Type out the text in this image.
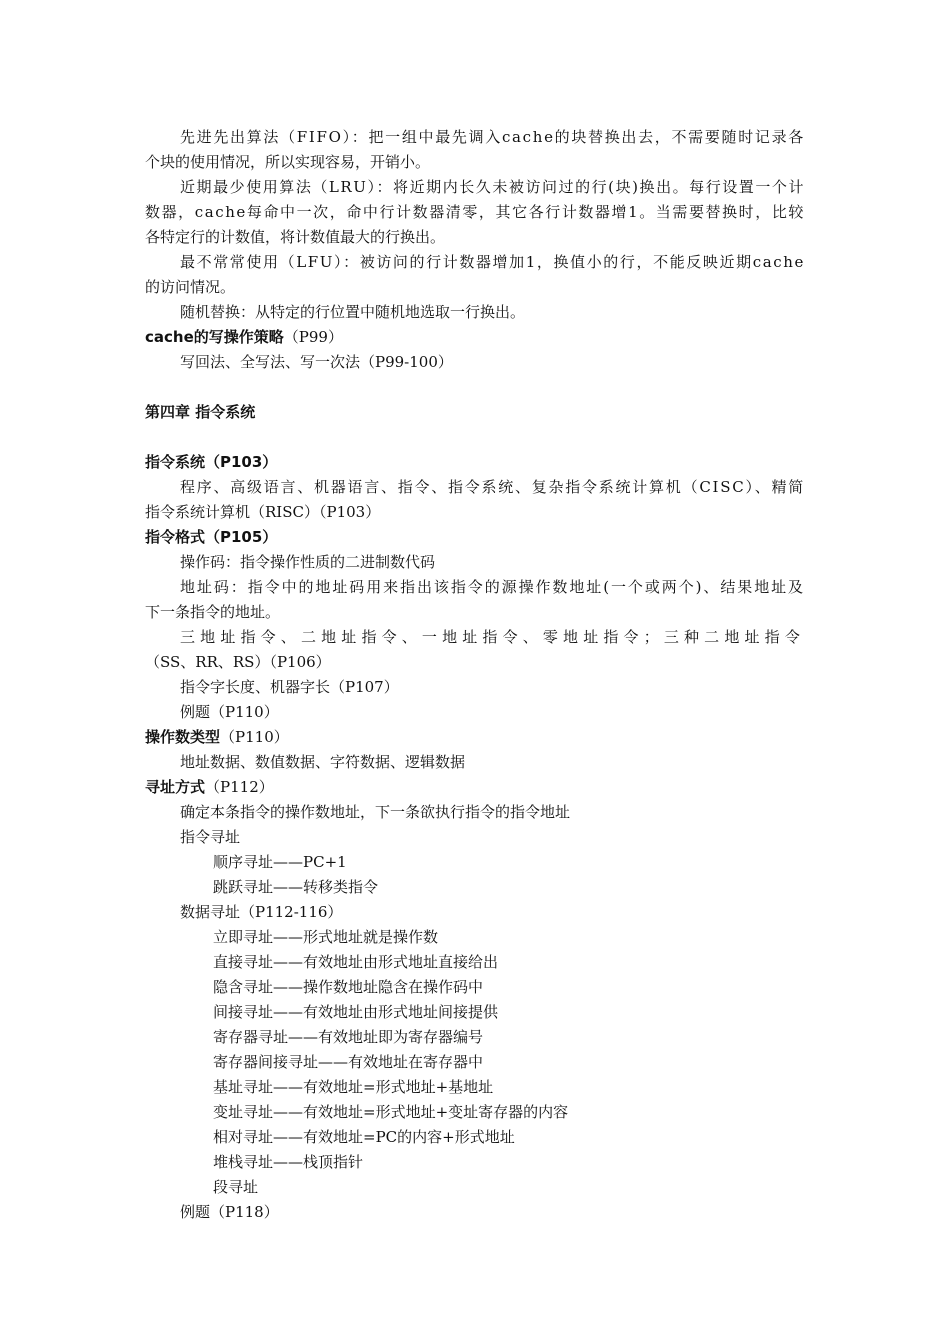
先进先出算法（FIFO）：把一组中最先调入cache的块替换出去，不需要随时记录各
个块的使用情况，所以实现容易，开销小。
近期最少使用算法（LRU）：将近期内长久未被访问过的行(块)换出。每行设置一个计
数器，cache每命中一次，命中行计数器清零，其它各行计数器增1。当需要替换时，比较
各特定行的计数值，将计数值最大的行换出。
最不常常使用（LFU）：被访问的行计数器增加1，换值小的行，不能反映近期cache
的访问情况。
随机替换：从特定的行位置中随机地选取一行换出。
cache的写操作策略（P99）
写回法、全写法、写一次法（P99-100）
第四章 指令系统
指令系统（P103）
程序、高级语言、机器语言、指令、指令系统、复杂指令系统计算机（CISC）、精简
指令系统计算机（RISC）（P103）
指令格式（P105）
操作码：指令操作性质的二进制数代码
地址码：指令中的地址码用来指出该指令的源操作数地址(一个或两个)、结果地址及
下一条指令的地址。
三地址指令、二地址指令、一地址指令、零地址指令；三种二地址指令
（SS、RR、RS）（P106）
指令字长度、机器字长（P107）
例题（P110）
操作数类型（P110）
地址数据、数值数据、字符数据、逻辑数据
寻址方式（P112）
确定本条指令的操作数地址，下一条欲执行指令的指令地址
指令寻址
顺序寻址——PC+1
跳跃寻址——转移类指令
数据寻址（P112-116）
立即寻址——形式地址就是操作数
直接寻址——有效地址由形式地址直接给出
隐含寻址——操作数地址隐含在操作码中
间接寻址——有效地址由形式地址间接提供
寄存器寻址——有效地址即为寄存器编号
寄存器间接寻址——有效地址在寄存器中
基址寻址——有效地址=形式地址+基地址
变址寻址——有效地址=形式地址+变址寄存器的内容
相对寻址——有效地址=PC的内容+形式地址
堆栈寻址——栈顶指针
段寻址
例题（P118）
